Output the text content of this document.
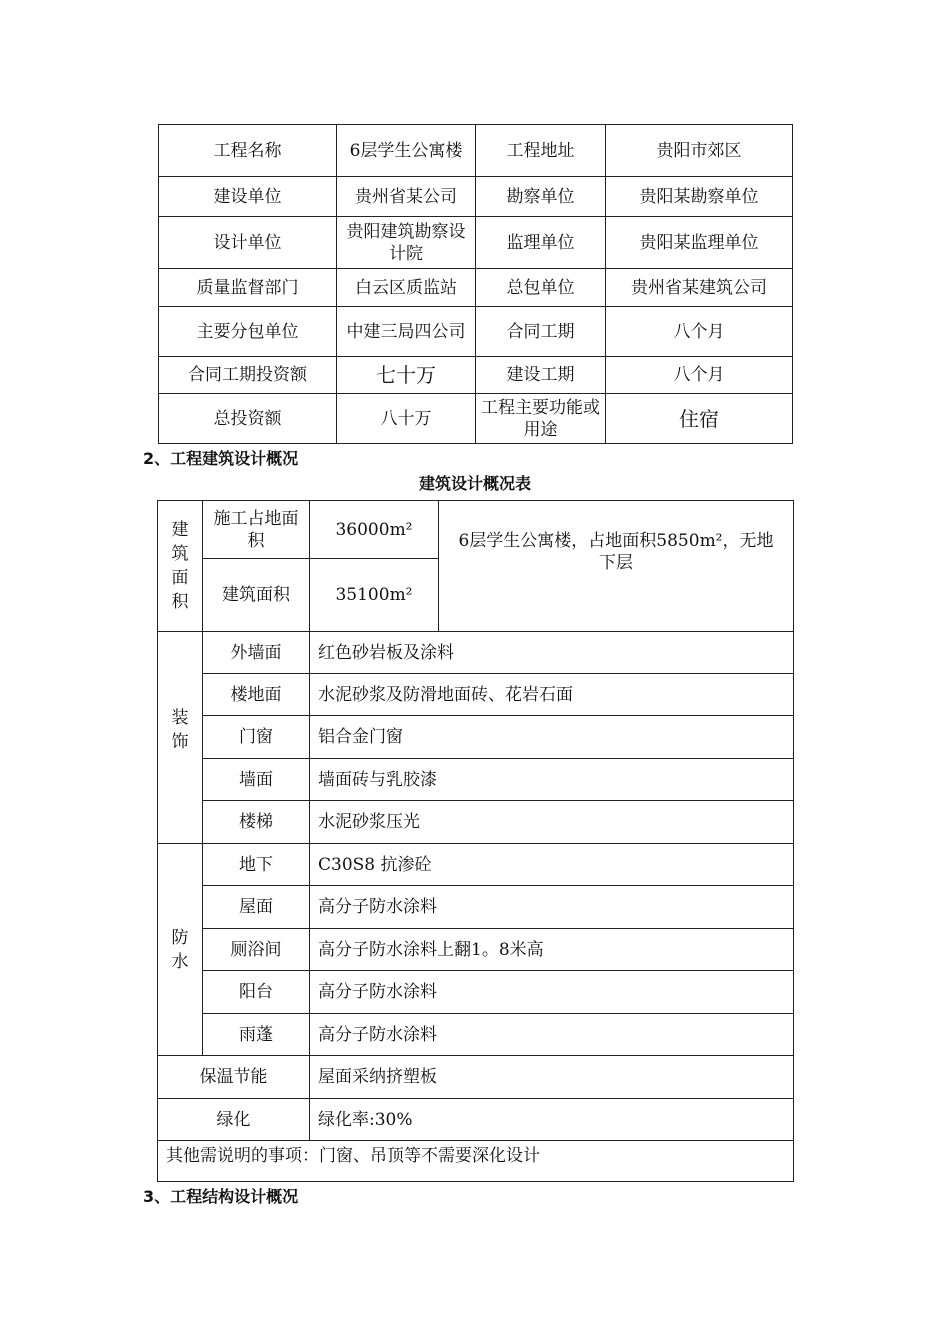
工程名称	6层学生公寓楼	工程地址	贵阳市郊区
建设单位	贵州省某公司	勘察单位	贵阳某勘察单位
设计单位	贵阳建筑勘察设计院	监理单位	贵阳某监理单位
质量监督部门	白云区质监站	总包单位	贵州省某建筑公司
主要分包单位	中建三局四公司	合同工期	八个月
合同工期投资额	七十万	建设工期	八个月
总投资额	八十万	工程主要功能或用途	住宿
2、工程建筑设计概况
建筑设计概况表
建筑面积	施工占地面积	36000m²	6层学生公寓楼，占地面积5850m²，无地下层

	建筑面积	35100m²	
装饰	外墙面	红色砂岩板及涂料	
	楼地面	水泥砂浆及防滑地面砖、花岩石面	
	门窗	铝合金门窗	
	墙面	墙面砖与乳胶漆	
	楼梯	水泥砂浆压光	
防水	地下	C30S8 抗渗砼	
	屋面	高分子防水涂料	
	厕浴间	高分子防水涂料上翻1。8米高	
	阳台	高分子防水涂料	
	雨蓬	高分子防水涂料	
保温节能		屋面采纳挤塑板	
绿化		绿化率:30%	
其他需说明的事项：门窗、吊顶等不需要深化设计			
3、工程结构设计概况
